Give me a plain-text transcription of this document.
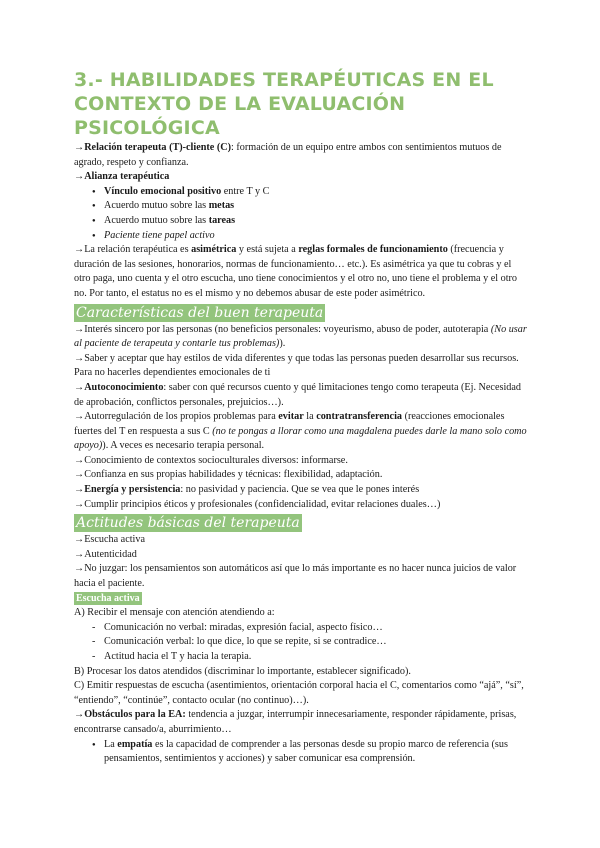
3.- HABILIDADES TERAPÉUTICAS EN EL CONTEXTO DE LA EVALUACIÓN PSICOLÓGICA

→Relación terapeuta (T)-cliente (C): formación de un equipo entre ambos con sentimientos mutuos de agrado, respeto y confianza.

→Alianza terapéutica

● Vínculo emocional positivo entre T y C
● Acuerdo mutuo sobre las metas
● Acuerdo mutuo sobre las tareas
● Paciente tiene papel activo

→La relación terapéutica es asimétrica y está sujeta a reglas formales de funcionamiento (frecuencia y duración de las sesiones, honorarios, normas de funcionamiento… etc.). Es asimétrica ya que tu cobras y el otro paga, uno cuenta y el otro escucha, uno tiene conocimientos y el otro no, uno tiene el problema y el otro no. Por tanto, el estatus no es el mismo y no debemos abusar de este poder asimétrico.

Características del buen terapeuta

→Interés sincero por las personas (no beneficios personales: voyeurismo, abuso de poder, autoterapia (No usar al paciente de terapeuta y contarle tus problemas)).

→Saber y aceptar que hay estilos de vida diferentes y que todas las personas pueden desarrollar sus recursos. Para no hacerles dependientes emocionales de ti

→Autoconocimiento: saber con qué recursos cuento y qué limitaciones tengo como terapeuta (Ej. Necesidad de aprobación, conflictos personales, prejuicios…).

→Autorregulación de los propios problemas para evitar la contratransferencia (reacciones emocionales fuertes del T en respuesta a sus C (no te pongas a llorar como una magdalena puedes darle la mano solo como apoyo)). A veces es necesario terapia personal.

→Conocimiento de contextos socioculturales diversos: informarse.

→Confianza en sus propias habilidades y técnicas: flexibilidad, adaptación.

→Energía y persistencia: no pasividad y paciencia. Que se vea que le pones interés

→Cumplir principios éticos y profesionales (confidencialidad, evitar relaciones duales…)

Actitudes básicas del terapeuta

→Escucha activa

→Autenticidad

→No juzgar: los pensamientos son automáticos así que lo más importante es no hacer nunca juicios de valor hacia el paciente.

Escucha activa

A) Recibir el mensaje con atención atendiendo a:

- Comunicación no verbal: miradas, expresión facial, aspecto físico…
- Comunicación verbal: lo que dice, lo que se repite, si se contradice…
- Actitud hacia el T y hacia la terapia.

B) Procesar los datos atendidos (discriminar lo importante, establecer significado).

C) Emitir respuestas de escucha (asentimientos, orientación corporal hacia el C, comentarios como “ajá”, “sí”, “entiendo”, “continúe”, contacto ocular (no continuo)…).

→Obstáculos para la EA: tendencia a juzgar, interrumpir innecesariamente, responder rápidamente, prisas, encontrarse cansado/a, aburrimiento…

● La empatía es la capacidad de comprender a las personas desde su propio marco de referencia (sus pensamientos, sentimientos y acciones) y saber comunicar esa comprensión.
